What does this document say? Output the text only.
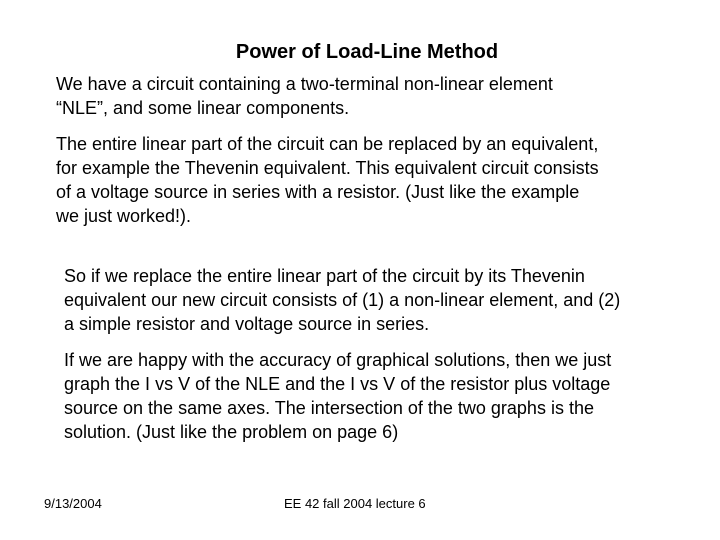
Power of Load-Line Method

We have a circuit containing a two-terminal non-linear element
“NLE”, and some linear components.

The entire linear part of the circuit can be replaced by an equivalent,
for example the Thevenin equivalent. This equivalent circuit consists
of a voltage source in series with a resistor. (Just like the example
we just worked!).

So if we replace the entire linear part of the circuit by its Thevenin
equivalent our new circuit consists of (1) a non-linear element, and (2)
a simple resistor and voltage source in series.

If we are happy with the accuracy of graphical solutions, then we just
graph the I vs V of the NLE and the I vs V of the resistor plus voltage
source on the same axes. The intersection of the two graphs is the
solution. (Just like the problem on page 6)

9/13/2004	EE 42 fall 2004 lecture 6
